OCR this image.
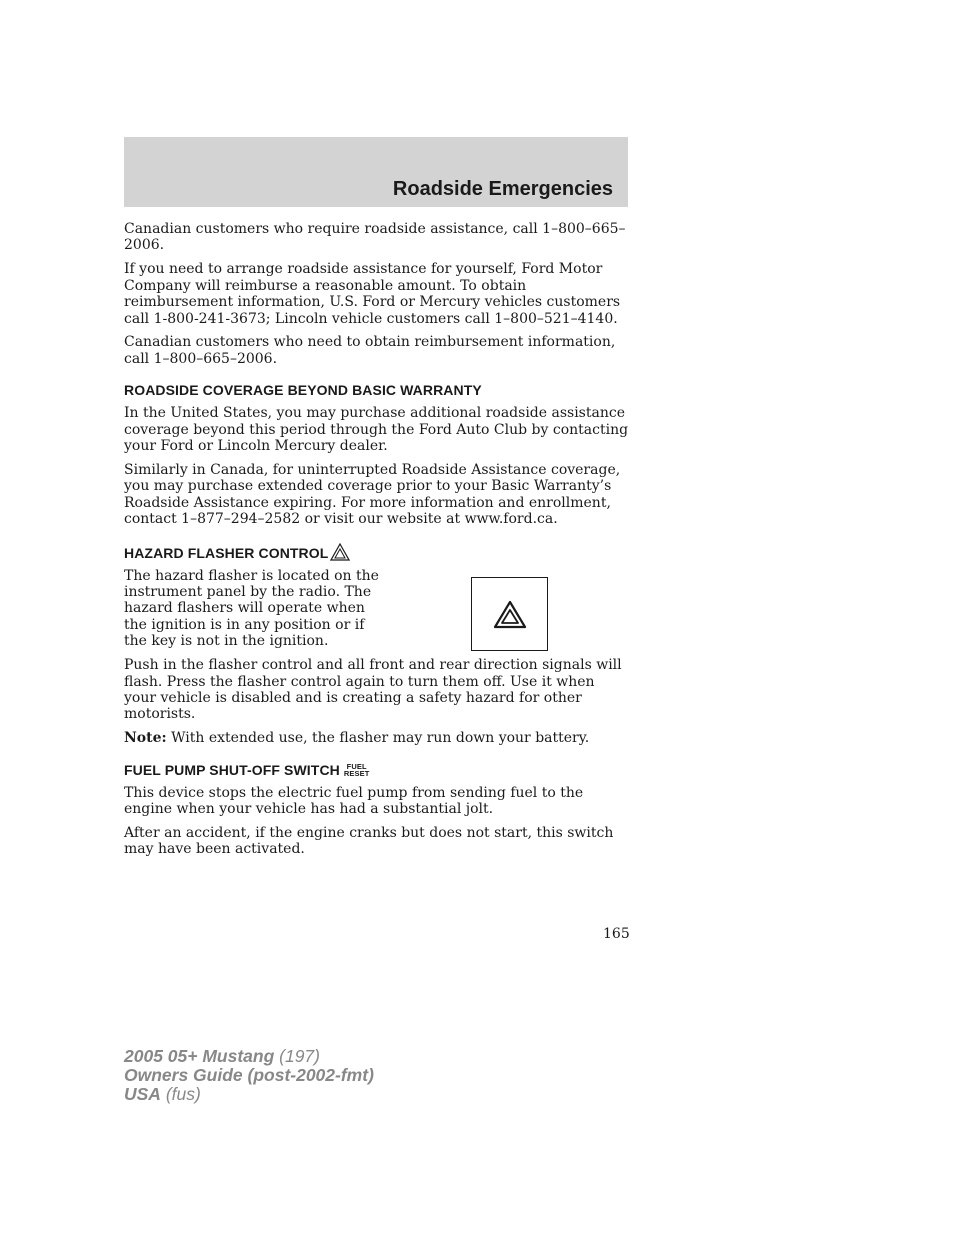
Roadside Emergencies

Canadian customers who require roadside assistance, call 1–800–665–2006.

If you need to arrange roadside assistance for yourself, Ford Motor Company will reimburse a reasonable amount. To obtain reimbursement information, U.S. Ford or Mercury vehicles customers call 1-800-241-3673; Lincoln vehicle customers call 1–800–521–4140.

Canadian customers who need to obtain reimbursement information, call 1–800–665–2006.

ROADSIDE COVERAGE BEYOND BASIC WARRANTY

In the United States, you may purchase additional roadside assistance coverage beyond this period through the Ford Auto Club by contacting your Ford or Lincoln Mercury dealer.

Similarly in Canada, for uninterrupted Roadside Assistance coverage, you may purchase extended coverage prior to your Basic Warranty’s Roadside Assistance expiring. For more information and enrollment, contact 1–877–294–2582 or visit our website at www.ford.ca.

HAZARD FLASHER CONTROL

The hazard flasher is located on the instrument panel by the radio. The hazard flashers will operate when the ignition is in any position or if the key is not in the ignition.

Push in the flasher control and all front and rear direction signals will flash. Press the flasher control again to turn them off. Use it when your vehicle is disabled and is creating a safety hazard for other motorists.

Note: With extended use, the flasher may run down your battery.

FUEL PUMP SHUT-OFF SWITCH FUEL
RESET

This device stops the electric fuel pump from sending fuel to the engine when your vehicle has had a substantial jolt.

After an accident, if the engine cranks but does not start, this switch may have been activated.

165
2005 05+ Mustang (197)
Owners Guide (post-2002-fmt)
USA (fus)
